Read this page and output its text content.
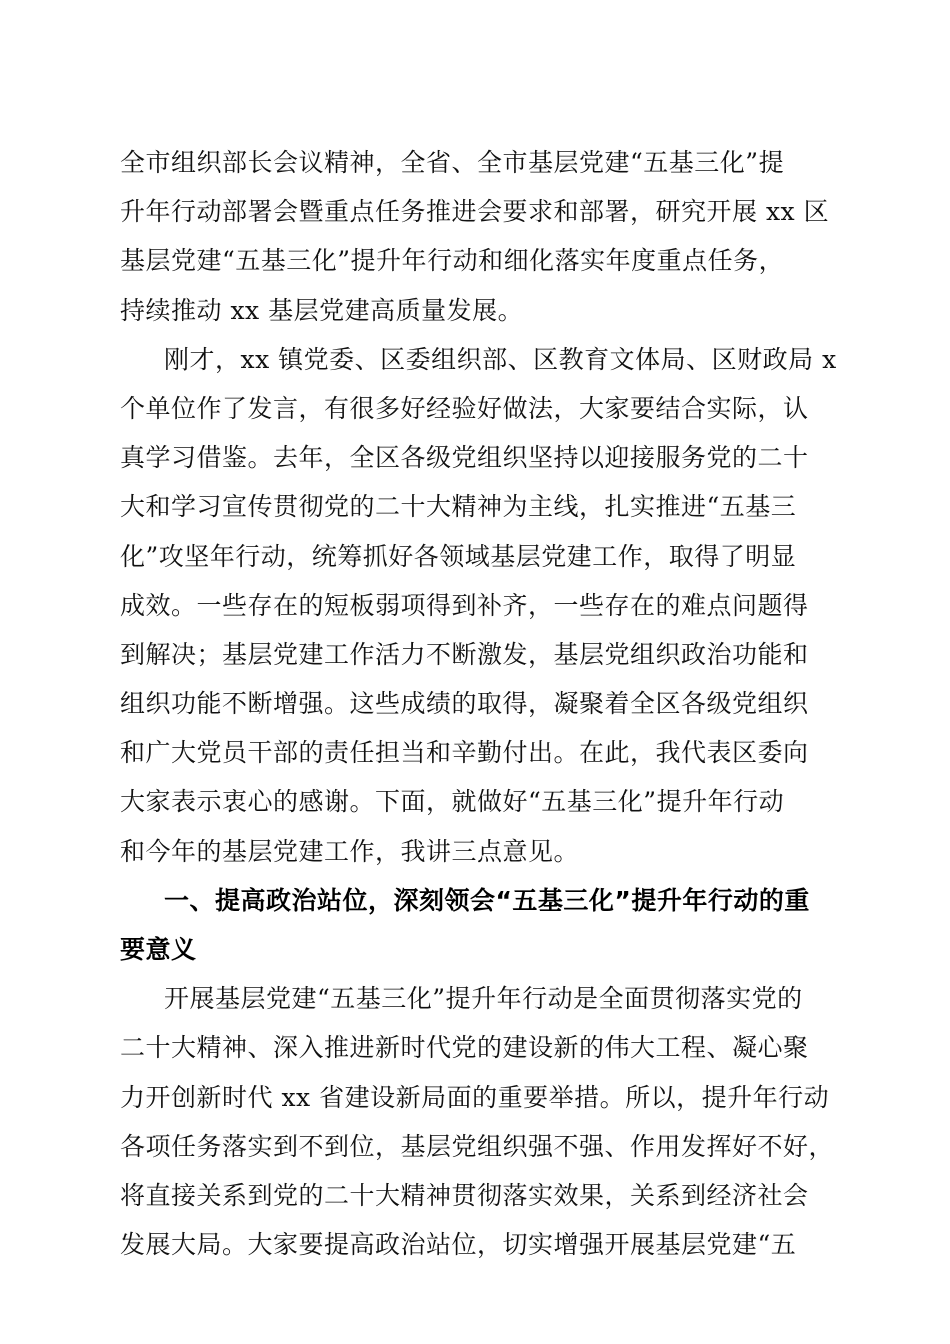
全市组织部长会议精神，全省、全市基层党建“五基三化”提
升年行动部署会暨重点任务推进会要求和部署，研究开展 xx 区
基层党建“五基三化”提升年行动和细化落实年度重点任务，
持续推动 xx 基层党建高质量发展。
刚才，xx 镇党委、区委组织部、区教育文体局、区财政局 x
个单位作了发言，有很多好经验好做法，大家要结合实际，认
真学习借鉴。去年，全区各级党组织坚持以迎接服务党的二十
大和学习宣传贯彻党的二十大精神为主线，扎实推进“五基三
化”攻坚年行动，统筹抓好各领域基层党建工作，取得了明显
成效。一些存在的短板弱项得到补齐，一些存在的难点问题得
到解决；基层党建工作活力不断激发，基层党组织政治功能和
组织功能不断增强。这些成绩的取得，凝聚着全区各级党组织
和广大党员干部的责任担当和辛勤付出。在此，我代表区委向
大家表示衷心的感谢。下面，就做好“五基三化”提升年行动
和今年的基层党建工作，我讲三点意见。
一、提高政治站位，深刻领会“五基三化”提升年行动的重
要意义
开展基层党建“五基三化”提升年行动是全面贯彻落实党的
二十大精神、深入推进新时代党的建设新的伟大工程、凝心聚
力开创新时代 xx 省建设新局面的重要举措。所以，提升年行动
各项任务落实到不到位，基层党组织强不强、作用发挥好不好，
将直接关系到党的二十大精神贯彻落实效果，关系到经济社会
发展大局。大家要提高政治站位，切实增强开展基层党建“五
